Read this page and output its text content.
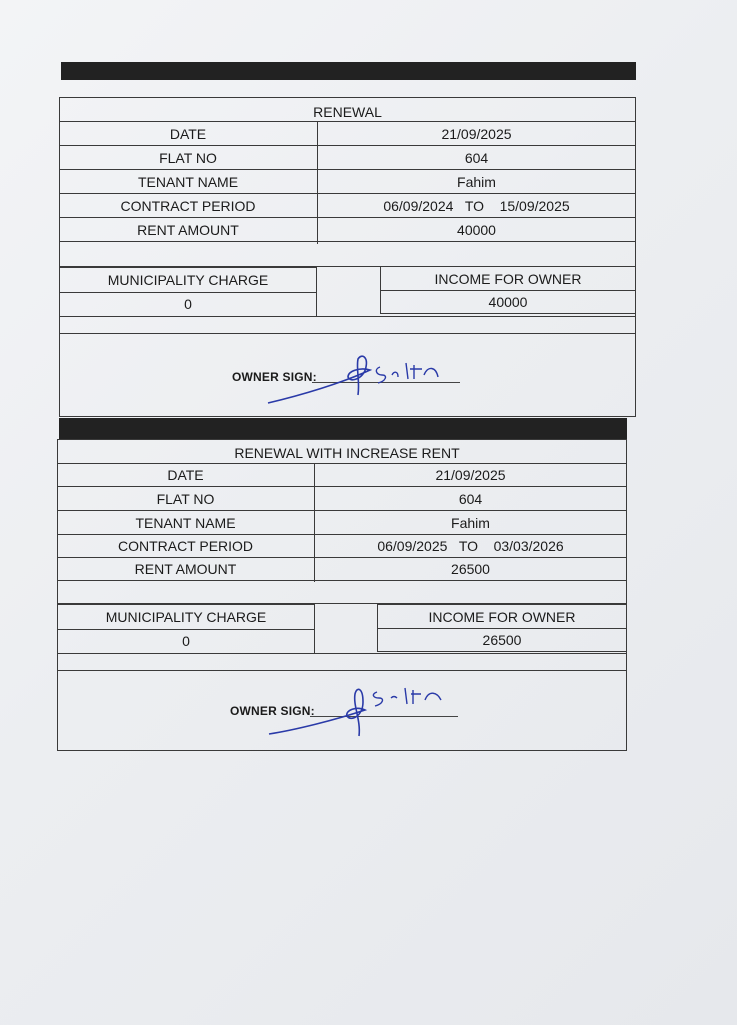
RENEWAL
DATE	21/09/2025
FLAT NO	604
TENANT NAME	Fahim
CONTRACT PERIOD	06/09/2024   TO    15/09/2025
RENT AMOUNT	40000
MUNICIPALITY CHARGE
0
INCOME FOR OWNER
40000
OWNER SIGN:
RENEWAL WITH INCREASE RENT
DATE	21/09/2025
FLAT NO	604
TENANT NAME	Fahim
CONTRACT PERIOD	06/09/2025   TO    03/03/2026
RENT AMOUNT	26500
MUNICIPALITY CHARGE
0
INCOME FOR OWNER
26500
OWNER SIGN:
